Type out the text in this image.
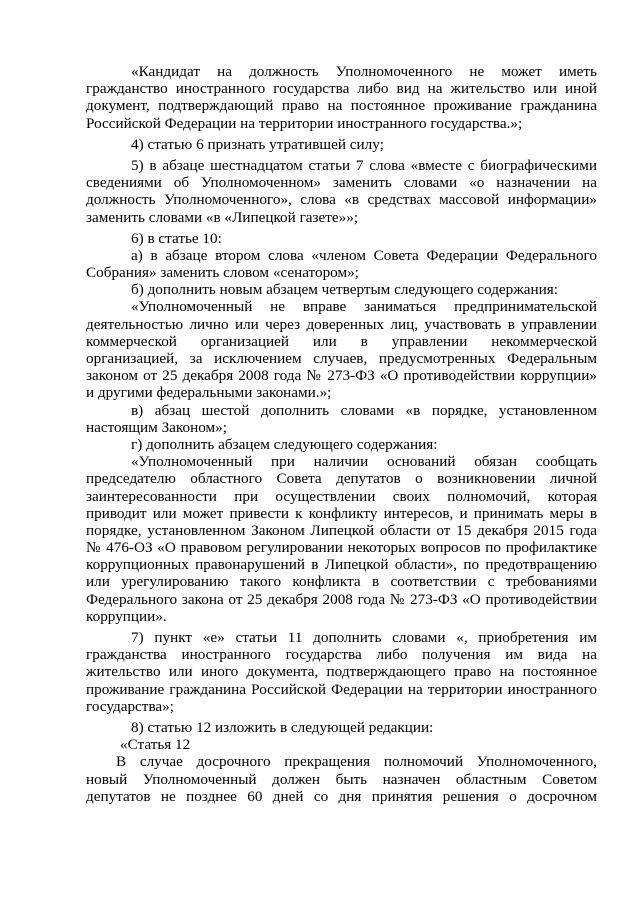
«Кандидат на должность Уполномоченного не может иметь
гражданство иностранного государства либо вид на жительство или иной
документ, подтверждающий право на постоянное проживание гражданина
Российской Федерации на территории иностранного государства.»;
4) статью 6 признать утратившей силу;
5) в абзаце шестнадцатом статьи 7 слова «вместе с биографическими
сведениями об Уполномоченном» заменить словами «о назначении на
должность Уполномоченного», слова «в средствах массовой информации»
заменить словами «в «Липецкой газете»»;
6) в статье 10:
а) в абзаце втором слова «членом Совета Федерации Федерального
Собрания» заменить словом «сенатором»;
б) дополнить новым абзацем четвертым следующего содержания:
«Уполномоченный не вправе заниматься предпринимательской
деятельностью лично или через доверенных лиц, участвовать в управлении
коммерческой организацией или в управлении некоммерческой
организацией, за исключением случаев, предусмотренных Федеральным
законом от 25 декабря 2008 года № 273-ФЗ «О противодействии коррупции»
и другими федеральными законами.»;
в) абзац шестой дополнить словами «в порядке, установленном
настоящим Законом»;
г) дополнить абзацем следующего содержания:
«Уполномоченный при наличии оснований обязан сообщать
председателю областного Совета депутатов о возникновении личной
заинтересованности при осуществлении своих полномочий, которая
приводит или может привести к конфликту интересов, и принимать меры в
порядке, установленном Законом Липецкой области от 15 декабря 2015 года
№ 476-ОЗ «О правовом регулировании некоторых вопросов по профилактике
коррупционных правонарушений в Липецкой области», по предотвращению
или урегулированию такого конфликта в соответствии с требованиями
Федерального закона от 25 декабря 2008 года № 273-ФЗ «О противодействии
коррупции».
7) пункт «е» статьи 11 дополнить словами «, приобретения им
гражданства иностранного государства либо получения им вида на
жительство или иного документа, подтверждающего право на постоянное
проживание гражданина Российской Федерации на территории иностранного
государства»;
8) статью 12 изложить в следующей редакции:
«Статья 12
В случае досрочного прекращения полномочий Уполномоченного,
новый Уполномоченный должен быть назначен областным Советом
депутатов не позднее 60 дней со дня принятия решения о досрочном
